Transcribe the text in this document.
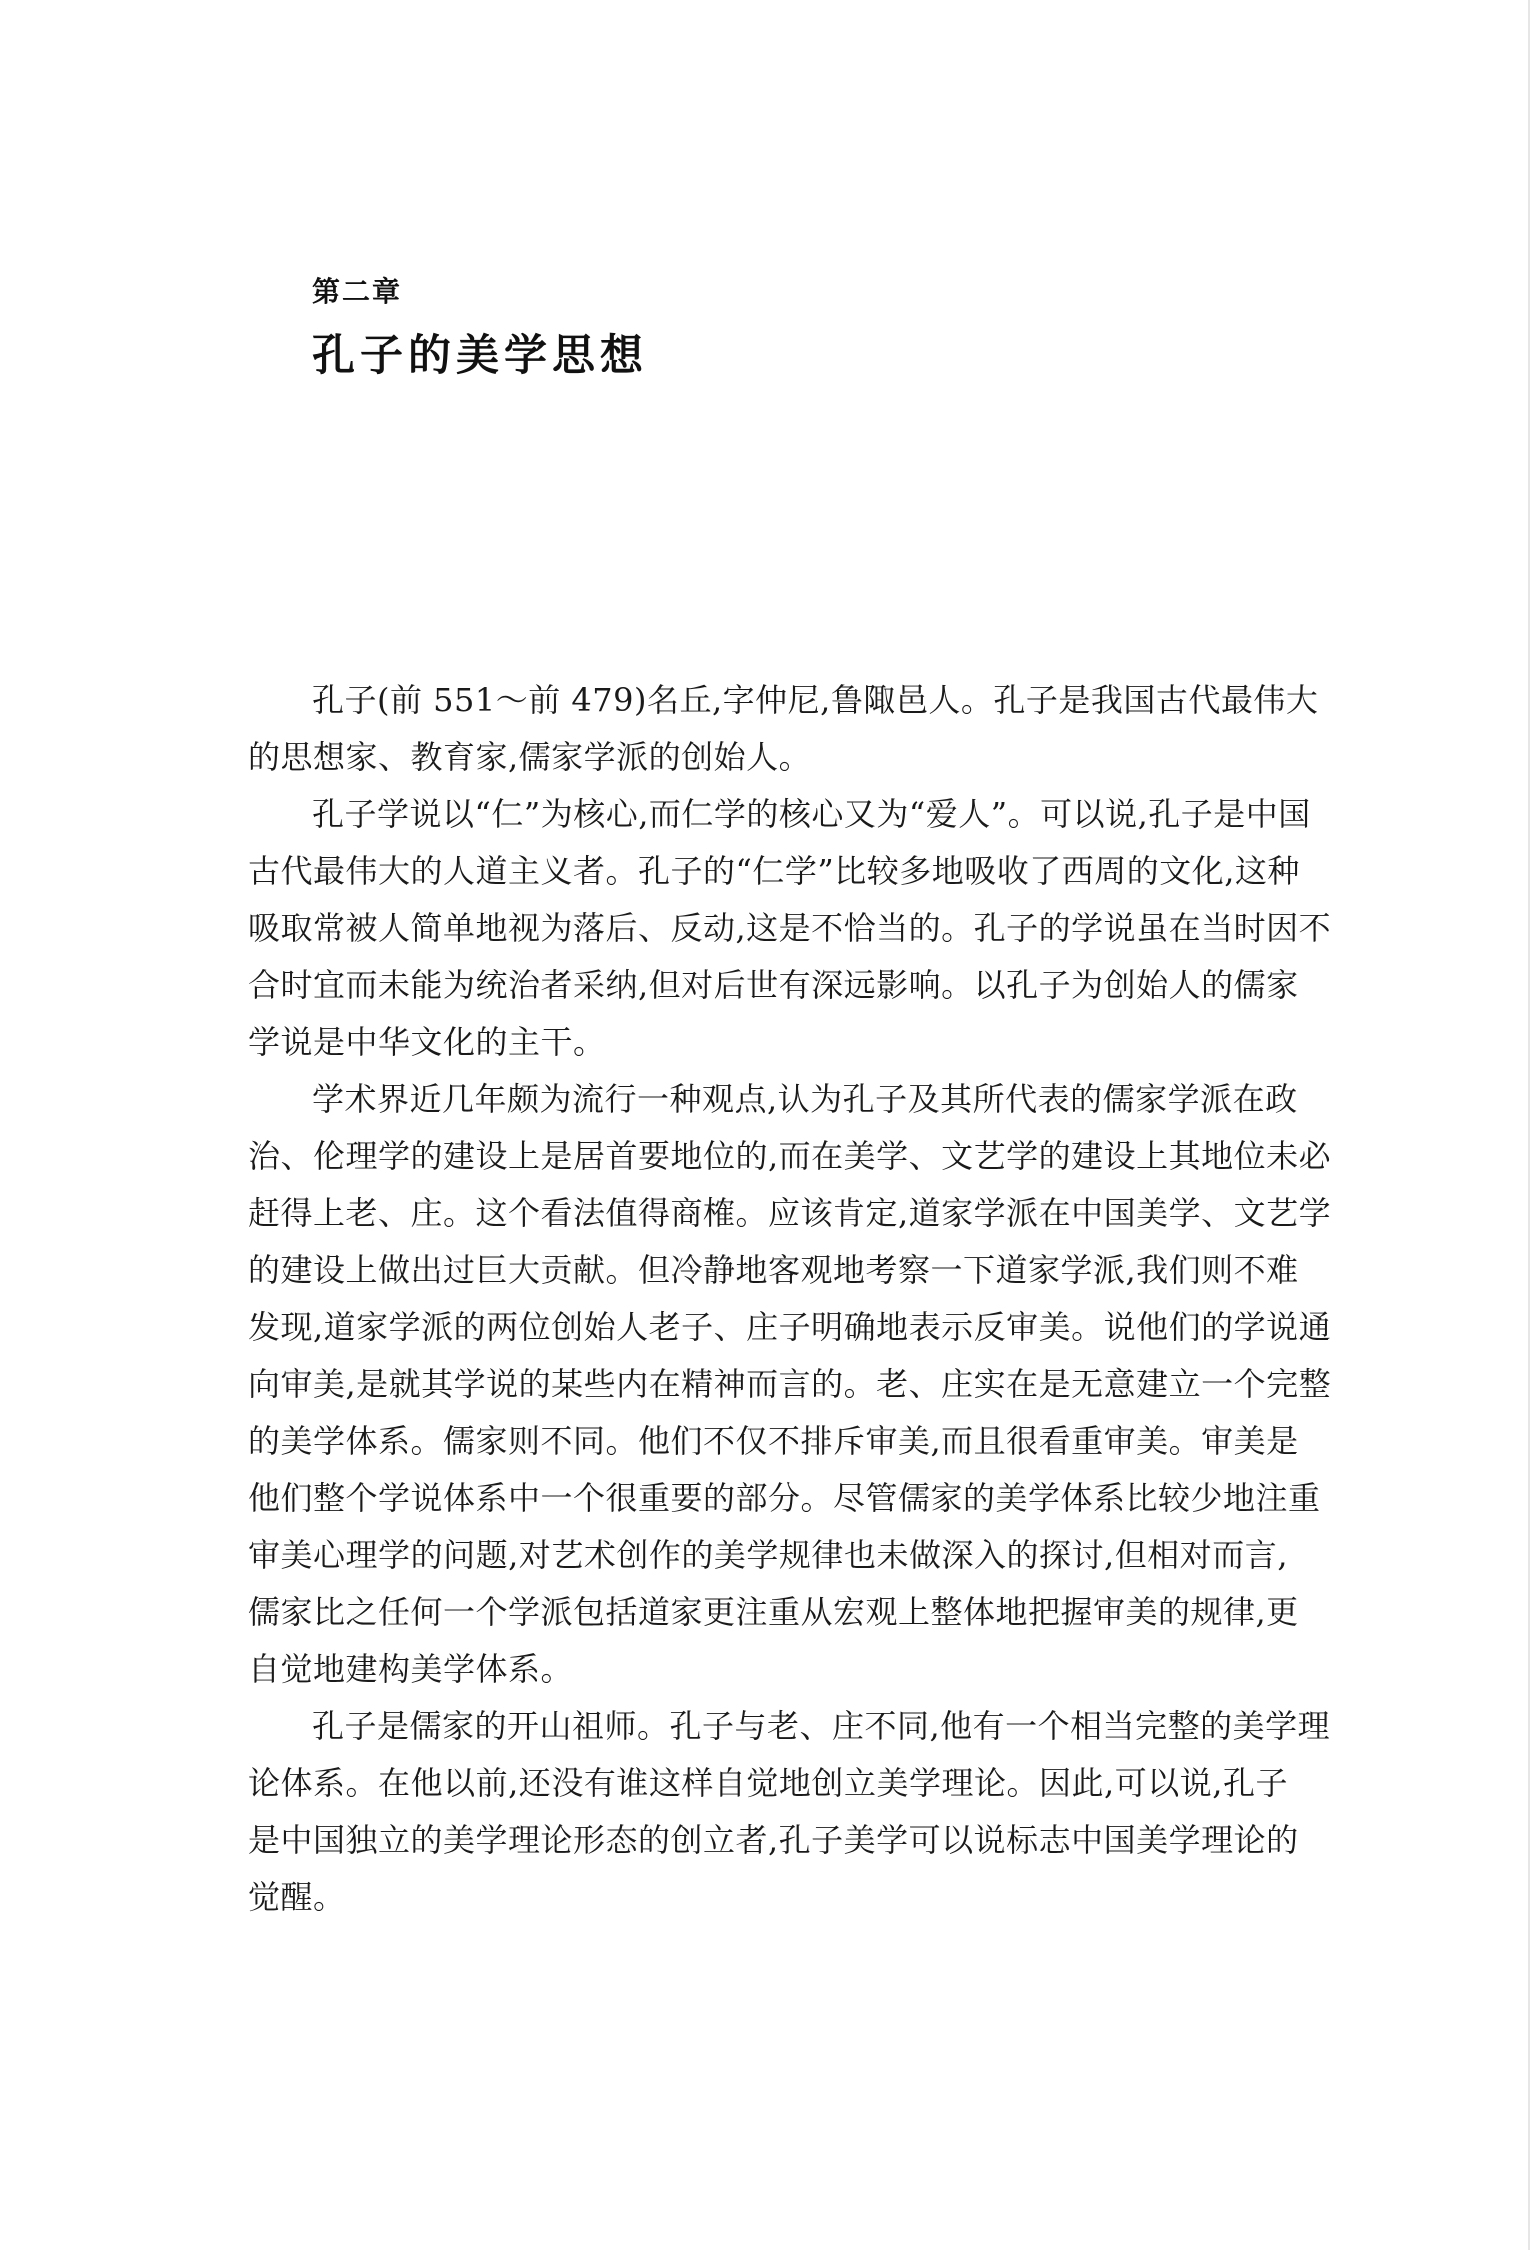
第二章
孔子的美学思想
孔子(前 551～前 479)名丘,字仲尼,鲁陬邑人。孔子是我国古代最伟大
的思想家、教育家,儒家学派的创始人。
孔子学说以“仁”为核心,而仁学的核心又为“爱人”。可以说,孔子是中国
古代最伟大的人道主义者。孔子的“仁学”比较多地吸收了西周的文化,这种
吸取常被人简单地视为落后、反动,这是不恰当的。孔子的学说虽在当时因不
合时宜而未能为统治者采纳,但对后世有深远影响。以孔子为创始人的儒家
学说是中华文化的主干。
学术界近几年颇为流行一种观点,认为孔子及其所代表的儒家学派在政
治、伦理学的建设上是居首要地位的,而在美学、文艺学的建设上其地位未必
赶得上老、庄。这个看法值得商榷。应该肯定,道家学派在中国美学、文艺学
的建设上做出过巨大贡献。但冷静地客观地考察一下道家学派,我们则不难
发现,道家学派的两位创始人老子、庄子明确地表示反审美。说他们的学说通
向审美,是就其学说的某些内在精神而言的。老、庄实在是无意建立一个完整
的美学体系。儒家则不同。他们不仅不排斥审美,而且很看重审美。审美是
他们整个学说体系中一个很重要的部分。尽管儒家的美学体系比较少地注重
审美心理学的问题,对艺术创作的美学规律也未做深入的探讨,但相对而言,
儒家比之任何一个学派包括道家更注重从宏观上整体地把握审美的规律,更
自觉地建构美学体系。
孔子是儒家的开山祖师。孔子与老、庄不同,他有一个相当完整的美学理
论体系。在他以前,还没有谁这样自觉地创立美学理论。因此,可以说,孔子
是中国独立的美学理论形态的创立者,孔子美学可以说标志中国美学理论的
觉醒。
